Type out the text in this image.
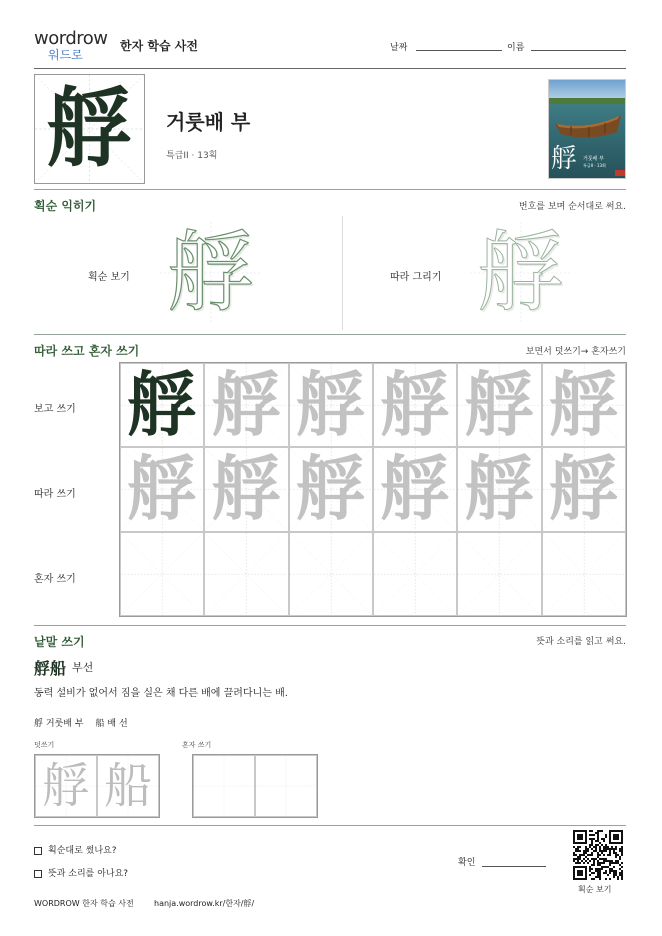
wordrow
워드로
한자 학습 사전	날짜	이름
艀	거룻배 부
특급II · 13획	艀 거룻배 부
특급II · 13획
획순 익히기	번호를 보며 순서대로 써요.
획순 보기 艀	따라 그리기 艀
따라 쓰고 혼자 쓰기	보면서 덧쓰기→ 혼자쓰기
보고 쓰기
따라 쓰기
혼자 쓰기
艀 艀 艀 艀 艀 艀
艀 艀 艀 艀 艀 艀
낱말 쓰기	뜻과 소리를 읽고 써요.
艀船 부선
동력 설비가 없어서 짐을 실은 채 다른 배에 끌려다니는 배.
艀 거룻배 부 船 배 선
덧쓰기	혼자 쓰기
艀 船
획순대로 썼나요?
뜻과 소리를 아나요?
확인
획순 보기
WORDROW 한자 학습 사전	hanja.wordrow.kr/한자/艀/
